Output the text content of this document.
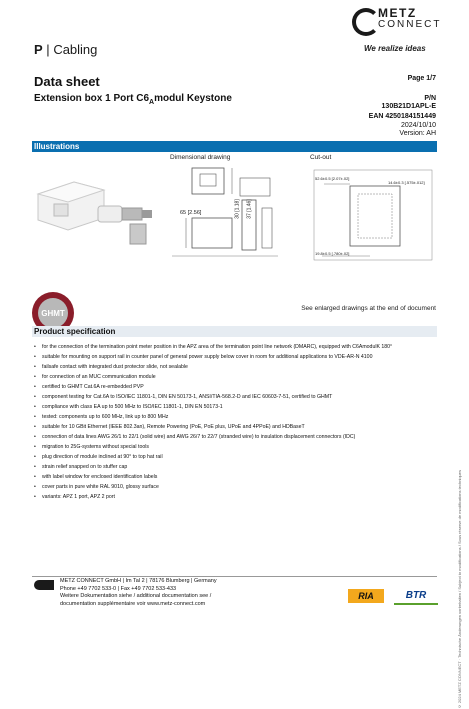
METZ
CONNECT
We realize ideas
P | Cabling
Data sheet
Extension box 1 Port $C6_Amodul$ Keystone
Page 1/7
P/N
130B21D1APL-E
EAN 4250184151449
2024/10/10
Version: AH
Illustrations
Dimensional drawing	Cut-out
65 [2.56]	30 [1.18] 37 [1.46]
52.6±0.5 [2.07±.02]
14.6±0.3 [.575±.012]
19.8±0.5 [.780±.02]
GHMT
See enlarged drawings at the end of document
Product specification
• for the connection of the termination point meter position in the APZ area of the termination point line network (DMARC), equipped with C6AmodulK 180°
• suitable for mounting on support rail in counter panel of general power supply below cover in room for additional applications to VDE-AR-N 4100
• failsafe contact with integrated dust protector slide, not sealable
• for connection of an MUC communication module
• certified to GHMT Cat.6A re-embedded PVP
• component testing for Cat.6A to ISO/IEC 11801-1, DIN EN 50173-1, ANSI/TIA-568.2-D and IEC 60603-7-51, certified to GHMT
• compliance with class EA up to 500 MHz to ISO/IEC 11801-1, DIN EN 50173-1
• tested: components up to 600 MHz, link up to 800 MHz
• suitable for 10 GBit Ethernet (IEEE 802.3an), Remote Powering (PoE, PoE plus, UPoE and 4PPoE) and HDBaseT
• connection of data lines AWG 26/1 to 22/1 (solid wire) and AWG 26/7 to 22/7 (stranded wire) to insulation displacement connectors (IDC)
• migration to 25G-systems without special tools
• plug direction of module inclined at 90° to top hat rail
• strain relief snapped on to stuffer cap
• with label window for enclosed identification labels
• cover parts in pure white RAL 9010, glossy surface
• variants: APZ 1 port, APZ 2 port
METZ CONNECT GmbH | Im Tal 2 | 78176 Blumberg | Germany
Phone +49 7702 533-0 | Fax +49 7702 533-433
Weitere Dokumentation siehe / additional documentation see /
documentation supplémentaire voir www.metz-connect.com
RIA	BTR	© 2024 METZ CONNECT · Technische Änderungen vorbehalten / Subject to modifications / Sous réserve de modifications techniques
